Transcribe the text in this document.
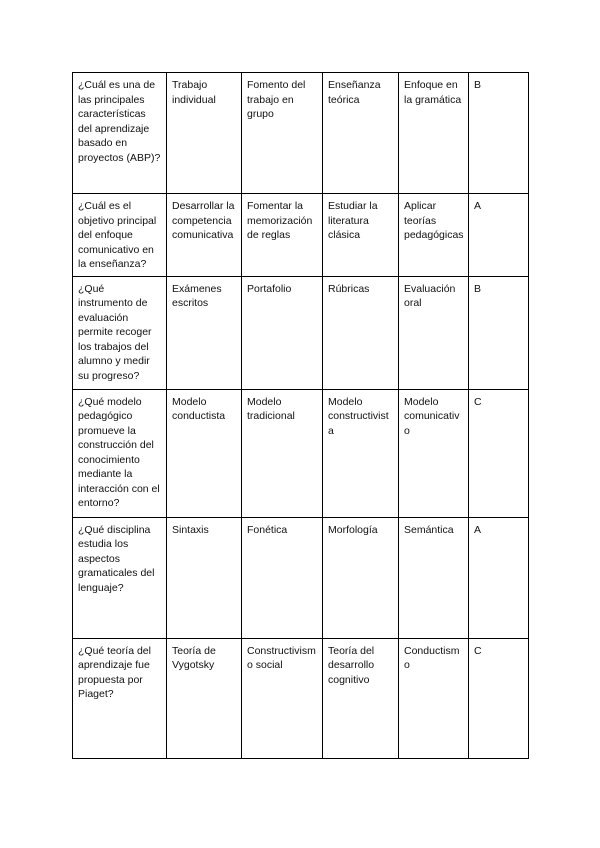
¿Cuál es una de las principales características del aprendizaje basado en proyectos (ABP)?	Trabajo individual	Fomento del trabajo en grupo	Enseñanza teórica	Enfoque en la gramática	B
¿Cuál es el objetivo principal del enfoque comunicativo en la enseñanza?	Desarrollar la competencia comunicativa	Fomentar la memorización de reglas	Estudiar la literatura clásica	Aplicar teorías pedagógicas	A
¿Qué instrumento de evaluación permite recoger los trabajos del alumno y medir su progreso?	Exámenes escritos	Portafolio	Rúbricas	Evaluación oral	B
¿Qué modelo pedagógico promueve la construcción del conocimiento mediante la interacción con el entorno?	Modelo conductista	Modelo tradicional	Modelo constructivista	Modelo comunicativo	C
¿Qué disciplina estudia los aspectos gramaticales del lenguaje?	Sintaxis	Fonética	Morfología	Semántica	A
¿Qué teoría del aprendizaje fue propuesta por Piaget?	Teoría de Vygotsky	Constructivismo social	Teoría del desarrollo cognitivo	Conductismo	C
